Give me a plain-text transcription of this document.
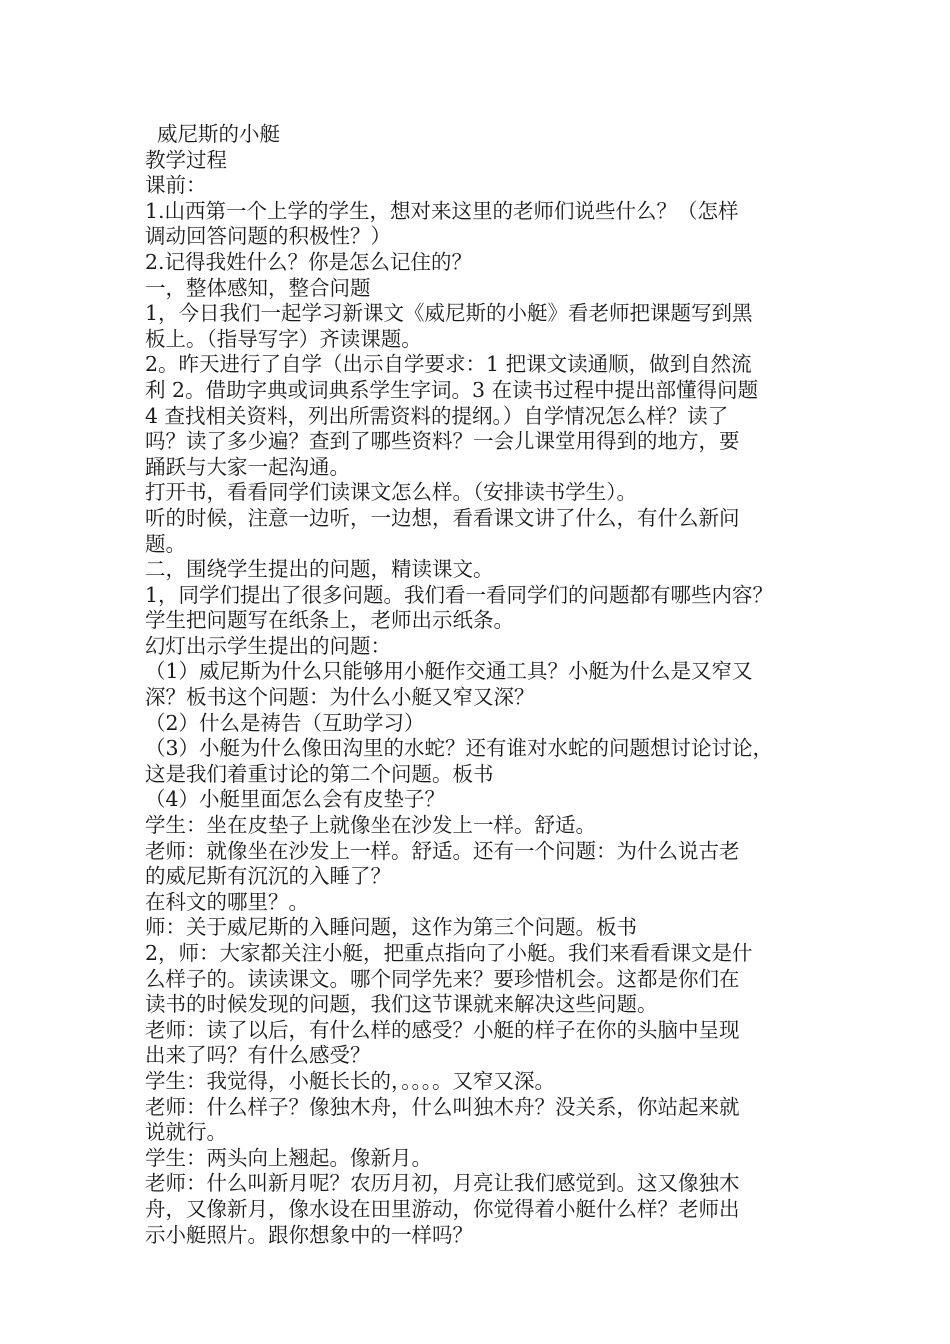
威尼斯的小艇
教学过程
课前：
1.山西第一个上学的学生，想对来这里的老师们说些什么？（怎样
调动回答问题的积极性？）
2.记得我姓什么？你是怎么记住的？
一，整体感知，整合问题
1，今日我们一起学习新课文《威尼斯的小艇》看老师把课题写到黑
板上。（指导写字）齐读课题。
2。昨天进行了自学（出示自学要求：1 把课文读通顺，做到自然流
利 2。借助字典或词典系学生字词。3 在读书过程中提出部懂得问题
4 查找相关资料，列出所需资料的提纲。）自学情况怎么样？读了
吗？读了多少遍？查到了哪些资料？一会儿课堂用得到的地方，要
踊跃与大家一起沟通。
打开书，看看同学们读课文怎么样。（安排读书学生）。
听的时候，注意一边听，一边想，看看课文讲了什么，有什么新问
题。
二，围绕学生提出的问题，精读课文。
1，同学们提出了很多问题。我们看一看同学们的问题都有哪些内容？
学生把问题写在纸条上，老师出示纸条。
幻灯出示学生提出的问题：
（1）威尼斯为什么只能够用小艇作交通工具？小艇为什么是又窄又
深？板书这个问题：为什么小艇又窄又深？
（2）什么是祷告（互助学习）
（3）小艇为什么像田沟里的水蛇？还有谁对水蛇的问题想讨论讨论，
这是我们着重讨论的第二个问题。板书
（4）小艇里面怎么会有皮垫子？
学生：坐在皮垫子上就像坐在沙发上一样。舒适。
老师：就像坐在沙发上一样。舒适。还有一个问题：为什么说古老
的威尼斯有沉沉的入睡了？
在科文的哪里？。
师：关于威尼斯的入睡问题，这作为第三个问题。板书
2，师：大家都关注小艇，把重点指向了小艇。我们来看看课文是什
么样子的。读读课文。哪个同学先来？要珍惜机会。这都是你们在
读书的时候发现的问题，我们这节课就来解决这些问题。
老师：读了以后，有什么样的感受？小艇的样子在你的头脑中呈现
出来了吗？有什么感受？
学生：我觉得，小艇长长的，。。。。又窄又深。
老师：什么样子？像独木舟，什么叫独木舟？没关系，你站起来就
说就行。
学生：两头向上翘起。像新月。
老师：什么叫新月呢？农历月初，月亮让我们感觉到。这又像独木
舟，又像新月，像水设在田里游动，你觉得着小艇什么样？老师出
示小艇照片。跟你想象中的一样吗？
